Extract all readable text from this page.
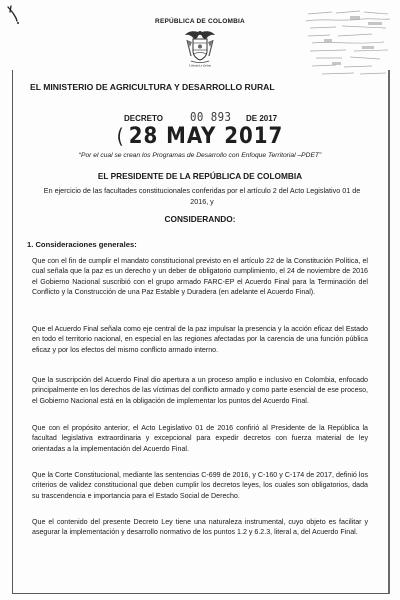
REPÚBLICA DE COLOMBIA
Libertad y Orden
EL MINISTERIO DE AGRICULTURA Y DESARROLLO RURAL
DECRETO 00 893 DE 2017
( 28 MAY 2017
“Por el cual se crean los Programas de Desarrollo con Enfoque Territorial –PDET”
EL PRESIDENTE DE LA REPÚBLICA DE COLOMBIA
En ejercicio de las facultades constitucionales conferidas por el artículo 2 del Acto Legislativo 01 de 2016, y
CONSIDERANDO:
1. Consideraciones generales:

Que con el fin de cumplir el mandato constitucional previsto en el artículo 22 de la Constitución Política, el cual señala que la paz es un derecho y un deber de obligatorio cumplimiento, el 24 de noviembre de 2016 el Gobierno Nacional suscribió con el grupo armado FARC-EP el Acuerdo Final para la Terminación del Conflicto y la Construcción de una Paz Estable y Duradera (en adelante el Acuerdo Final).

Que el Acuerdo Final señala como eje central de la paz impulsar la presencia y la acción eficaz del Estado en todo el territorio nacional, en especial en las regiones afectadas por la carencia de una función pública eficaz y por los efectos del mismo conflicto armado interno.

Que la suscripción del Acuerdo Final dio apertura a un proceso amplio e inclusivo en Colombia, enfocado principalmente en los derechos de las víctimas del conflicto armado y como parte esencial de ese proceso, el Gobierno Nacional está en la obligación de implementar los puntos del Acuerdo Final.

Que con el propósito anterior, el Acto Legislativo 01 de 2016 confirió al Presidente de la República la facultad legislativa extraordinaria y excepcional para expedir decretos con fuerza material de ley orientadas a la implementación del Acuerdo Final.

Que la Corte Constitucional, mediante las sentencias C-699 de 2016, y C-160 y C-174 de 2017, definió los criterios de validez constitucional que deben cumplir los decretos leyes, los cuales son obligatorios, dada su trascendencia e importancia para el Estado Social de Derecho.

Que el contenido del presente Decreto Ley tiene una naturaleza instrumental, cuyo objeto es facilitar y asegurar la implementación y desarrollo normativo de los puntos 1.2 y 6.2.3, literal a, del Acuerdo Final.
